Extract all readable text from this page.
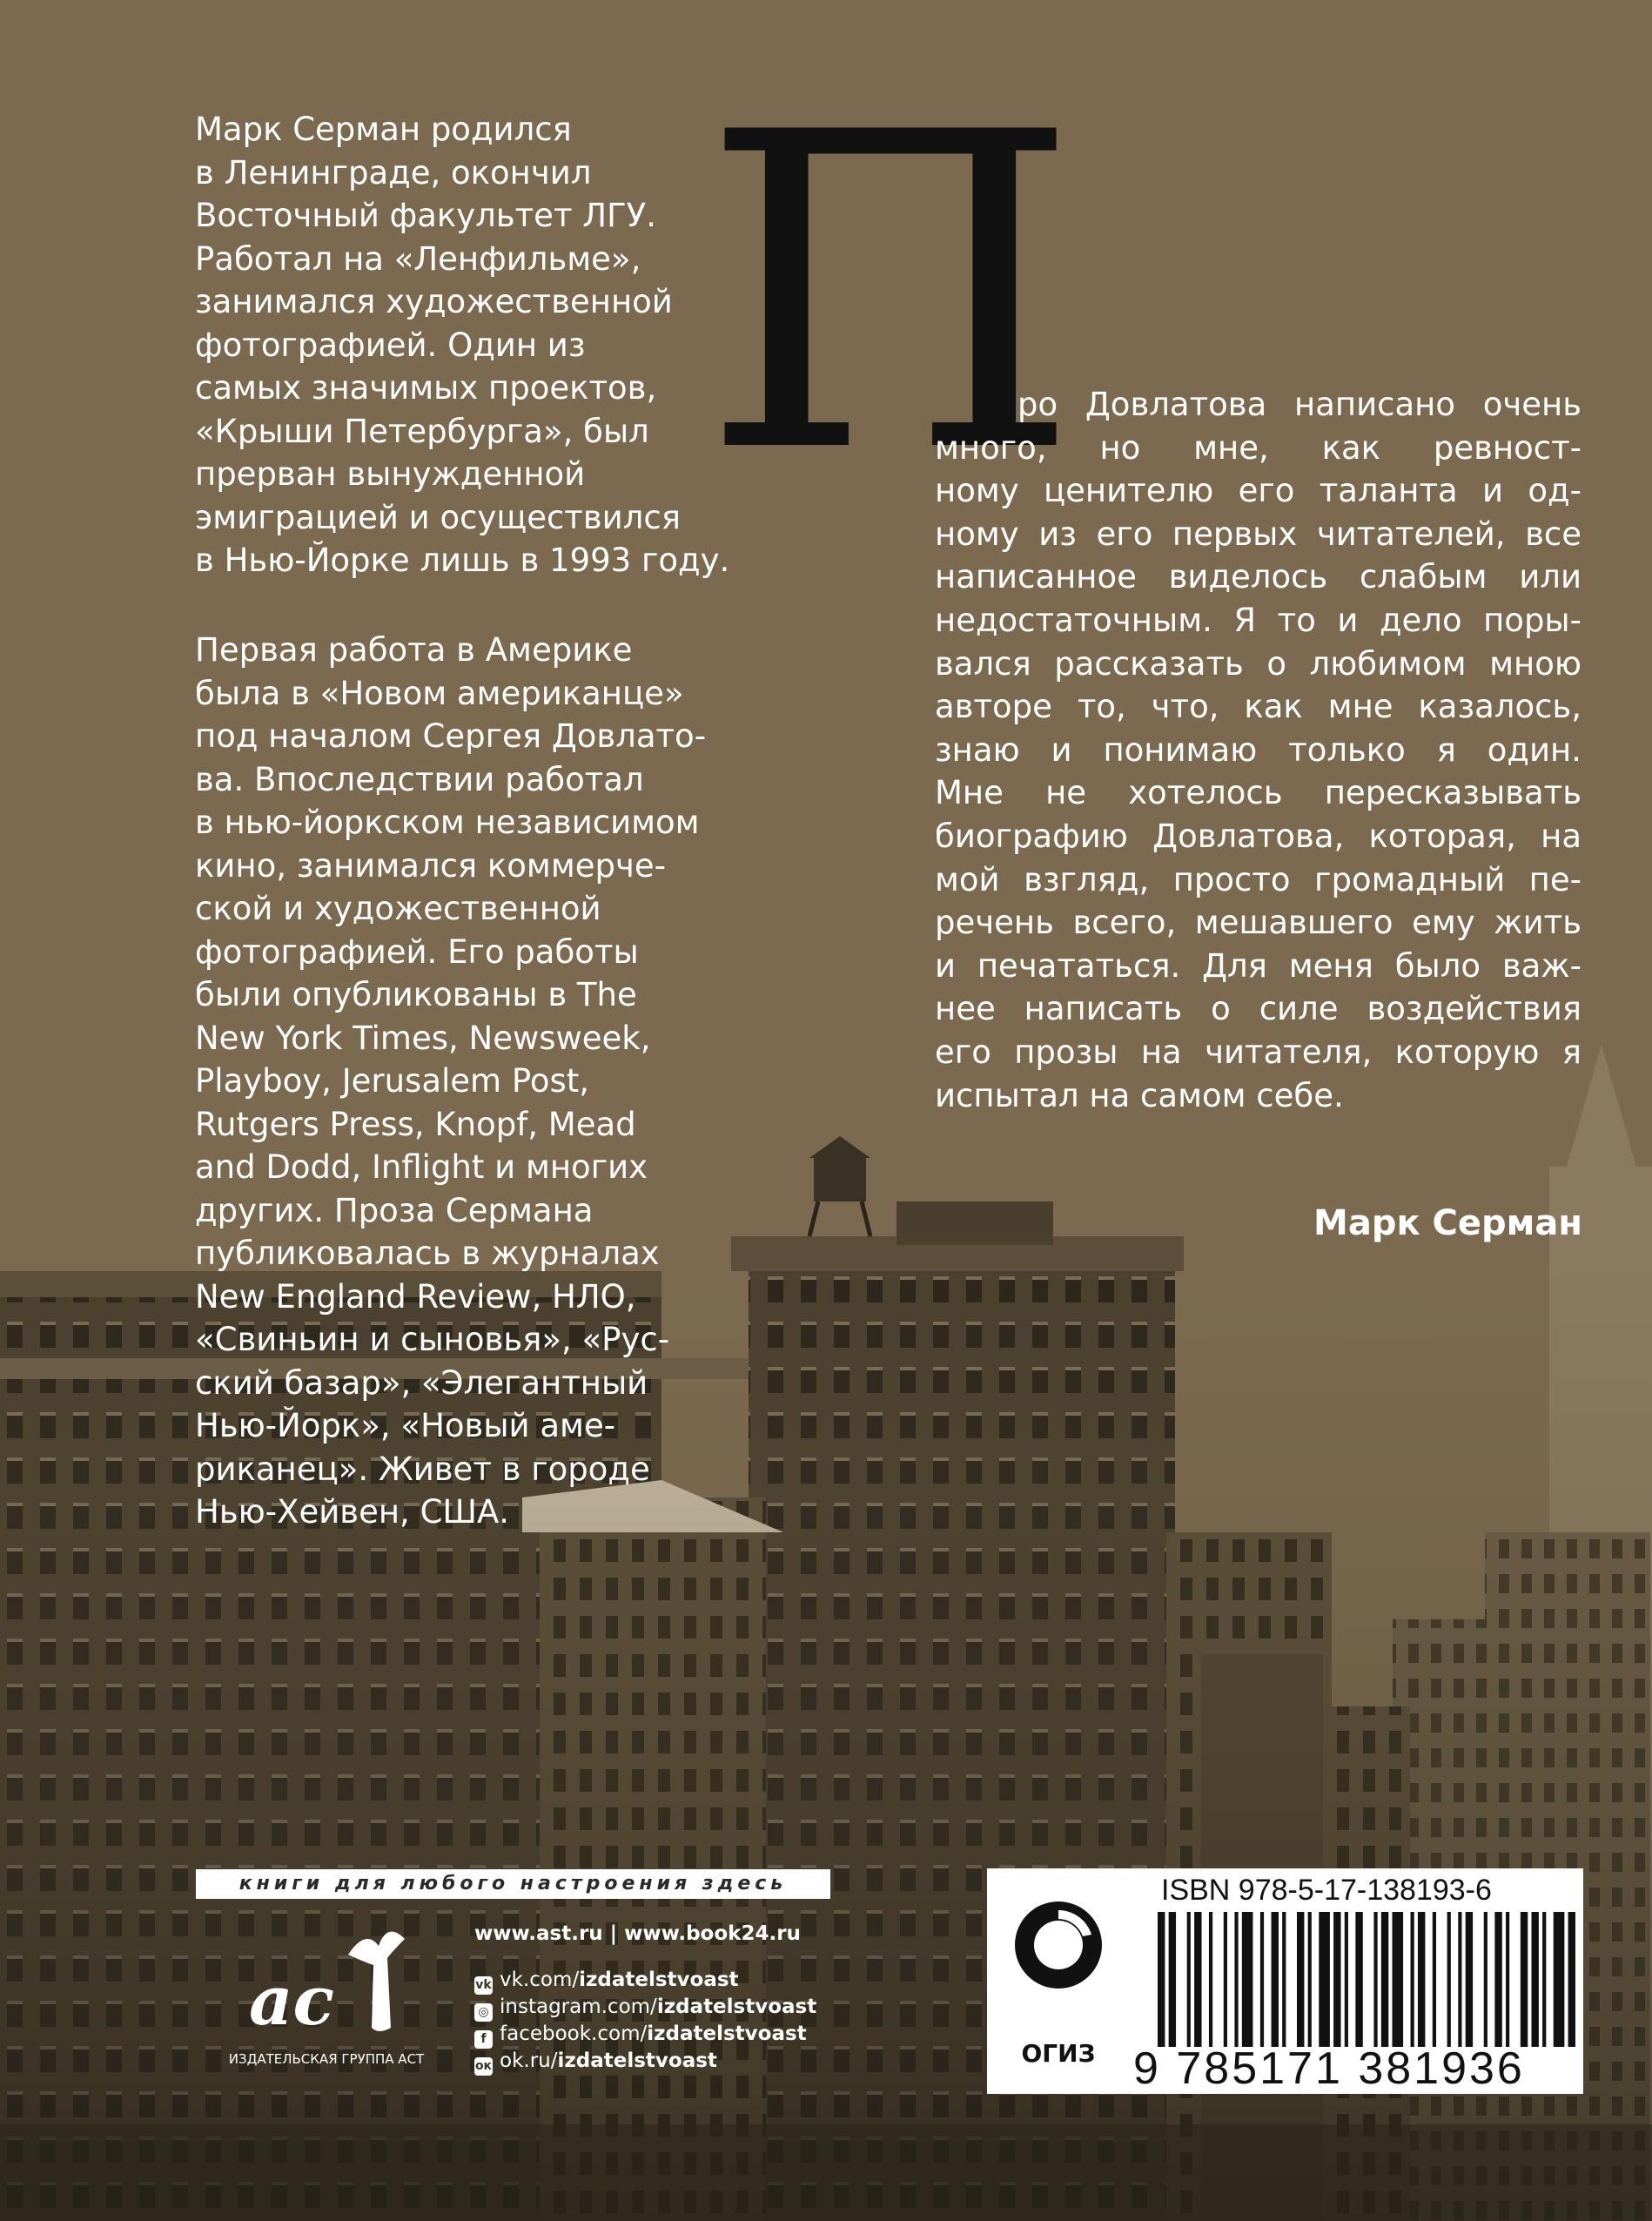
Марк Серман родился
в Ленинграде, окончил
Восточный факультет ЛГУ.
Работал на «Ленфильме»,
занимался художественной
фотографией. Один из
самых значимых проектов,
«Крыши Петербурга», был
прерван вынужденной
эмиграцией и осуществился
в Нью-Йорке лишь в 1993 году.

Первая работа в Америке
была в «Новом американце»
под началом Сергея Довлато-
ва. Впоследствии работал
в нью-йоркском независимом
кино, занимался коммерче-
ской и художественной
фотографией. Его работы
были опубликованы в The
New York Times, Newsweek,
Playboy, Jerusalem Post,
Rutgers Press, Knopf, Mead
and Dodd, Inflight и многих
других. Проза Сермана
публиковалась в журналах
New England Review, НЛО,
«Свиньин и сыновья», «Рус-
ский базар», «Элегантный
Нью-Йорк», «Новый аме-
риканец». Живет в городе
Нью-Хейвен, США.

П
ро Довлатова написано очень
много, но мне, как ревност-
ному ценителю его таланта и од-
ному из его первых читателей, все
написанное виделось слабым или
недостаточным. Я то и дело поры-
вался рассказать о любимом мною
авторе то, что, как мне казалось,
знаю и понимаю только я один.
Мне не хотелось пересказывать
биографию Довлатова, которая, на
мой взгляд, просто громадный пе-
речень всего, мешавшего ему жить
и печататься. Для меня было важ-
нее написать о силе воздействия
его прозы на читателя, которую я
испытал на самом себе.
Марк Серман
книги для любого настроения здесь
ас
ИЗДАТЕЛЬСКАЯ ГРУППА АСТ
www.ast.ru | www.book24.ru
vk vk.com/izdatelstvoast
◎ instagram.com/izdatelstvoast
f facebook.com/izdatelstvoast
ок ok.ru/izdatelstvoast	ОГИЗ
ISBN 978-5-17-138193-6
9 785171 381936
